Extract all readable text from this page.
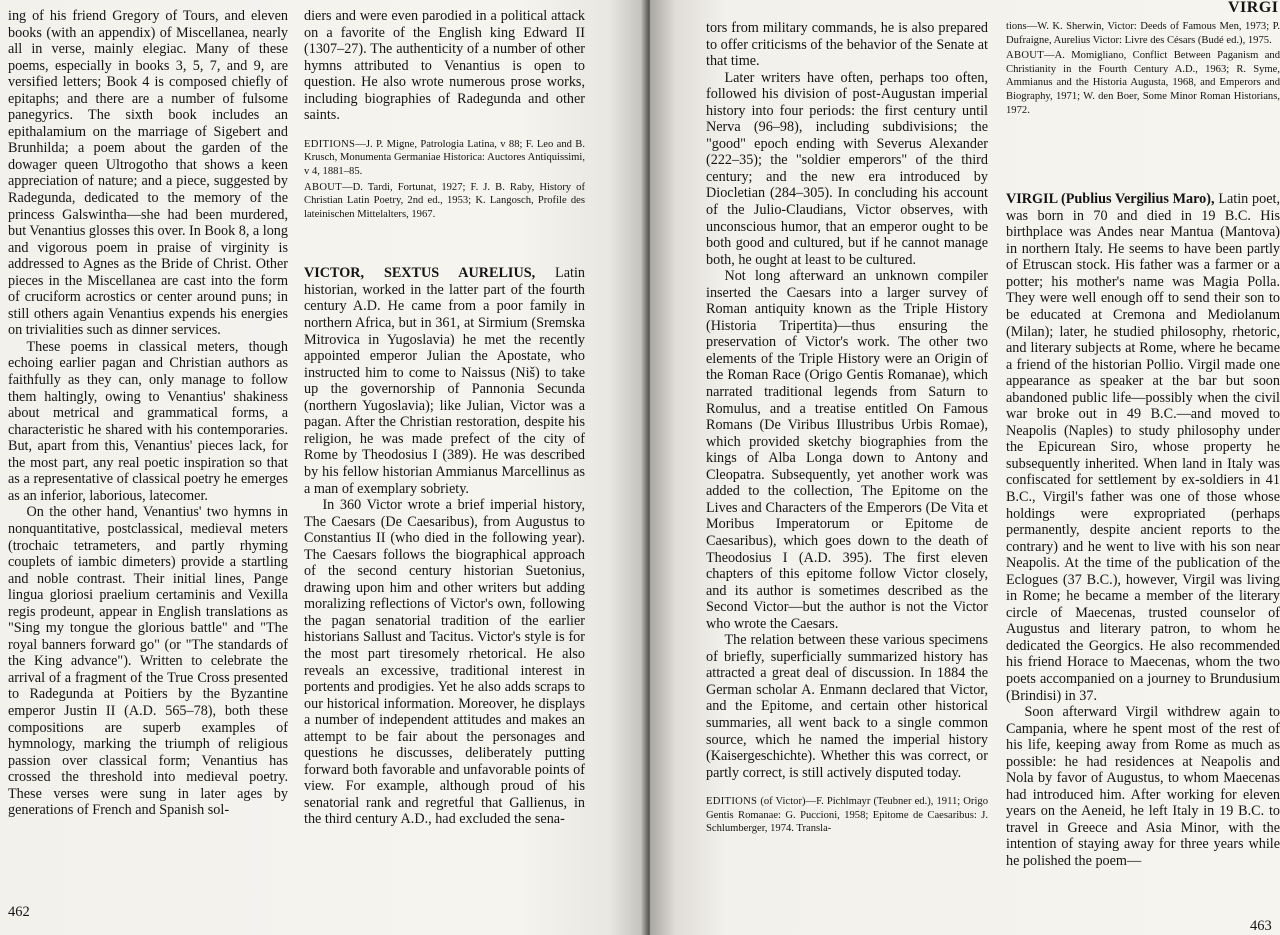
ing of his friend Gregory of Tours, and eleven books (with an appendix) of Miscellanea, nearly all in verse, mainly elegiac. Many of these poems, especially in books 3, 5, 7, and 9, are versified letters; Book 4 is composed chiefly of epitaphs; and there are a number of fulsome panegyrics. The sixth book includes an epithalamium on the marriage of Sigebert and Brunhilda; a poem about the garden of the dowager queen Ultrogotho that shows a keen appreciation of nature; and a piece, suggested by Radegunda, dedicated to the memory of the princess Galswintha—she had been murdered, but Venantius glosses this over. In Book 8, a long and vigorous poem in praise of virginity is addressed to Agnes as the Bride of Christ. Other pieces in the Miscellanea are cast into the form of cruciform acrostics or center around puns; in still others again Venantius expends his energies on trivialities such as dinner services.

These poems in classical meters, though echoing earlier pagan and Christian authors as faithfully as they can, only manage to follow them haltingly, owing to Venantius' shakiness about metrical and grammatical forms, a characteristic he shared with his contemporaries. But, apart from this, Venantius' pieces lack, for the most part, any real poetic inspiration so that as a representative of classical poetry he emerges as an inferior, laborious, latecomer.

On the other hand, Venantius' two hymns in nonquantitative, postclassical, medieval meters (trochaic tetrameters, and partly rhyming couplets of iambic dimeters) provide a startling and noble contrast. Their initial lines, Pange lingua gloriosi praelium certaminis and Vexilla regis prodeunt, appear in English translations as "Sing my tongue the glorious battle" and "The royal banners forward go" (or "The standards of the King advance"). Written to celebrate the arrival of a fragment of the True Cross presented to Radegunda at Poitiers by the Byzantine emperor Justin II (A.D. 565–78), both these compositions are superb examples of hymnology, marking the triumph of religious passion over classical form; Venantius has crossed the threshold into medieval poetry. These verses were sung in later ages by generations of French and Spanish sol-

diers and were even parodied in a political attack on a favorite of the English king Edward II (1307–27). The authenticity of a number of other hymns attributed to Venantius is open to question. He also wrote numerous prose works, including biographies of Radegunda and other saints.

EDITIONS—J. P. Migne, Patrologia Latina, v 88; F. Leo and B. Krusch, Monumenta Germaniae Historica: Auctores Antiquissimi, v 4, 1881–85.

ABOUT—D. Tardi, Fortunat, 1927; F. J. B. Raby, History of Christian Latin Poetry, 2nd ed., 1953; K. Langosch, Profile des lateinischen Mittelalters, 1967.

VICTOR, SEXTUS AURELIUS, Latin historian, worked in the latter part of the fourth century A.D. He came from a poor family in northern Africa, but in 361, at Sirmium (Sremska Mitrovica in Yugoslavia) he met the recently appointed emperor Julian the Apostate, who instructed him to come to Naissus (Niš) to take up the governorship of Pannonia Secunda (northern Yugoslavia); like Julian, Victor was a pagan. After the Christian restoration, despite his religion, he was made prefect of the city of Rome by Theodosius I (389). He was described by his fellow historian Ammianus Marcellinus as a man of exemplary sobriety.

In 360 Victor wrote a brief imperial history, The Caesars (De Caesaribus), from Augustus to Constantius II (who died in the following year). The Caesars follows the biographical approach of the second century historian Suetonius, drawing upon him and other writers but adding moralizing reflections of Victor's own, following the pagan senatorial tradition of the earlier historians Sallust and Tacitus. Victor's style is for the most part tiresomely rhetorical. He also reveals an excessive, traditional interest in portents and prodigies. Yet he also adds scraps to our historical information. Moreover, he displays a number of independent attitudes and makes an attempt to be fair about the personages and questions he discusses, deliberately putting forward both favorable and unfavorable points of view. For example, although proud of his senatorial rank and regretful that Gallienus, in the third century A.D., had excluded the sena-

462
VIRGI

tors from military commands, he is also prepared to offer criticisms of the behavior of the Senate at that time.

Later writers have often, perhaps too often, followed his division of post-Augustan imperial history into four periods: the first century until Nerva (96–98), including subdivisions; the "good" epoch ending with Severus Alexander (222–35); the "soldier emperors" of the third century; and the new era introduced by Diocletian (284–305). In concluding his account of the Julio-Claudians, Victor observes, with unconscious humor, that an emperor ought to be both good and cultured, but if he cannot manage both, he ought at least to be cultured.

Not long afterward an unknown compiler inserted the Caesars into a larger survey of Roman antiquity known as the Triple History (Historia Tripertita)—thus ensuring the preservation of Victor's work. The other two elements of the Triple History were an Origin of the Roman Race (Origo Gentis Romanae), which narrated traditional legends from Saturn to Romulus, and a treatise entitled On Famous Romans (De Viribus Illustribus Urbis Romae), which provided sketchy biographies from the kings of Alba Longa down to Antony and Cleopatra. Subsequently, yet another work was added to the collection, The Epitome on the Lives and Characters of the Emperors (De Vita et Moribus Imperatorum or Epitome de Caesaribus), which goes down to the death of Theodosius I (A.D. 395). The first eleven chapters of this epitome follow Victor closely, and its author is sometimes described as the Second Victor—but the author is not the Victor who wrote the Caesars.

The relation between these various specimens of briefly, superficially summarized history has attracted a great deal of discussion. In 1884 the German scholar A. Enmann declared that Victor, and the Epitome, and certain other historical summaries, all went back to a single common source, which he named the imperial history (Kaisergeschichte). Whether this was correct, or partly correct, is still actively disputed today.

EDITIONS (of Victor)—F. Pichlmayr (Teubner ed.), 1911; Origo Gentis Romanae: G. Puccioni, 1958; Epitome de Caesaribus: J. Schlumberger, 1974. Transla-

tions—W. K. Sherwin, Victor: Deeds of Famous Men, 1973; P. Dufraigne, Aurelius Victor: Livre des Césars (Budé ed.), 1975.

ABOUT—A. Momigliano, Conflict Between Paganism and Christianity in the Fourth Century A.D., 1963; R. Syme, Ammianus and the Historia Augusta, 1968, and Emperors and Biography, 1971; W. den Boer, Some Minor Roman Historians, 1972.

VIRGIL (Publius Vergilius Maro), Latin poet, was born in 70 and died in 19 B.C. His birthplace was Andes near Mantua (Mantova) in northern Italy. He seems to have been partly of Etruscan stock. His father was a farmer or a potter; his mother's name was Magia Polla. They were well enough off to send their son to be educated at Cremona and Mediolanum (Milan); later, he studied philosophy, rhetoric, and literary subjects at Rome, where he became a friend of the historian Pollio. Virgil made one appearance as speaker at the bar but soon abandoned public life—possibly when the civil war broke out in 49 B.C.—and moved to Neapolis (Naples) to study philosophy under the Epicurean Siro, whose property he subsequently inherited. When land in Italy was confiscated for settlement by ex-soldiers in 41 B.C., Virgil's father was one of those whose holdings were expropriated (perhaps permanently, despite ancient reports to the contrary) and he went to live with his son near Neapolis. At the time of the publication of the Eclogues (37 B.C.), however, Virgil was living in Rome; he became a member of the literary circle of Maecenas, trusted counselor of Augustus and literary patron, to whom he dedicated the Georgics. He also recommended his friend Horace to Maecenas, whom the two poets accompanied on a journey to Brundusium (Brindisi) in 37.

Soon afterward Virgil withdrew again to Campania, where he spent most of the rest of his life, keeping away from Rome as much as possible: he had residences at Neapolis and Nola by favor of Augustus, to whom Maecenas had introduced him. After working for eleven years on the Aeneid, he left Italy in 19 B.C. to travel in Greece and Asia Minor, with the intention of staying away for three years while he polished the poem—

463
